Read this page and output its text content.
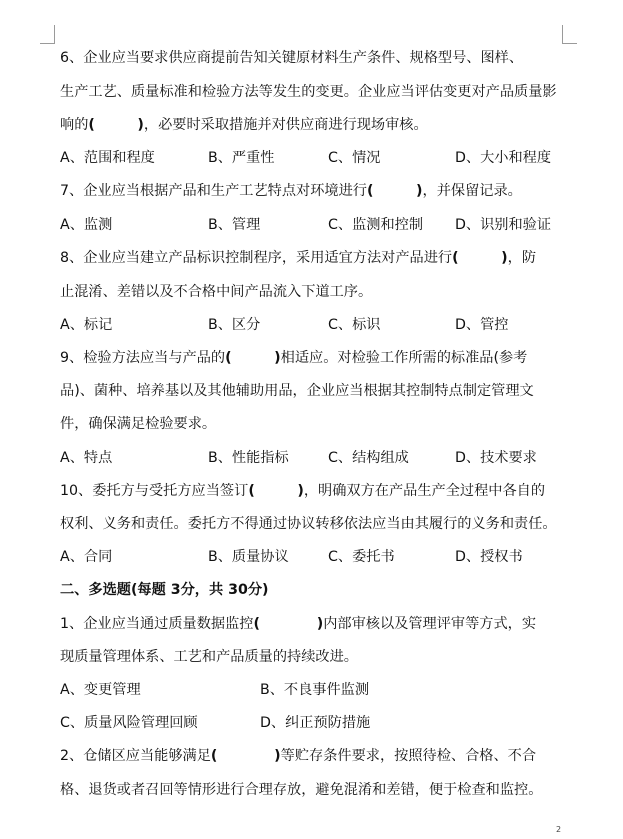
6、企业应当要求供应商提前告知关键原材料生产条件、规格型号、图样、
生产工艺、质量标准和检验方法等发生的变更。企业应当评估变更对产品质量影
响的(　　　)，必要时采取措施并对供应商进行现场审核。
A、范围和程度	B、严重性	C、情况	D、大小和程度
7、企业应当根据产品和生产工艺特点对环境进行(　　　)，并保留记录。
A、监测	B、管理	C、监测和控制 D、识别和验证
8、企业应当建立产品标识控制程序，采用适宜方法对产品进行(　　　)，防
止混淆、差错以及不合格中间产品流入下道工序。
A、标记	B、区分	C、标识	D、管控
9、检验方法应当与产品的(　　　)相适应。对检验工作所需的标准品(参考
品)、菌种、培养基以及其他辅助用品，企业应当根据其控制特点制定管理文
件，确保满足检验要求。
A、特点	B、性能指标	C、结构组成	D、技术要求
10、委托方与受托方应当签订(　　　)，明确双方在产品生产全过程中各自的
权利、义务和责任。委托方不得通过协议转移依法应当由其履行的义务和责任。
A、合同	B、质量协议	C、委托书	D、授权书
二、多选题(每题 3分，共 30分)
1、企业应当通过质量数据监控(　　　　)内部审核以及管理评审等方式，实
现质量管理体系、工艺和产品质量的持续改进。
A、变更管理	B、不良事件监测
C、质量风险管理回顾	D、纠正预防措施
2、仓储区应当能够满足(　　　　)等贮存条件要求，按照待检、合格、不合
格、退货或者召回等情形进行合理存放，避免混淆和差错，便于检查和监控。
2
